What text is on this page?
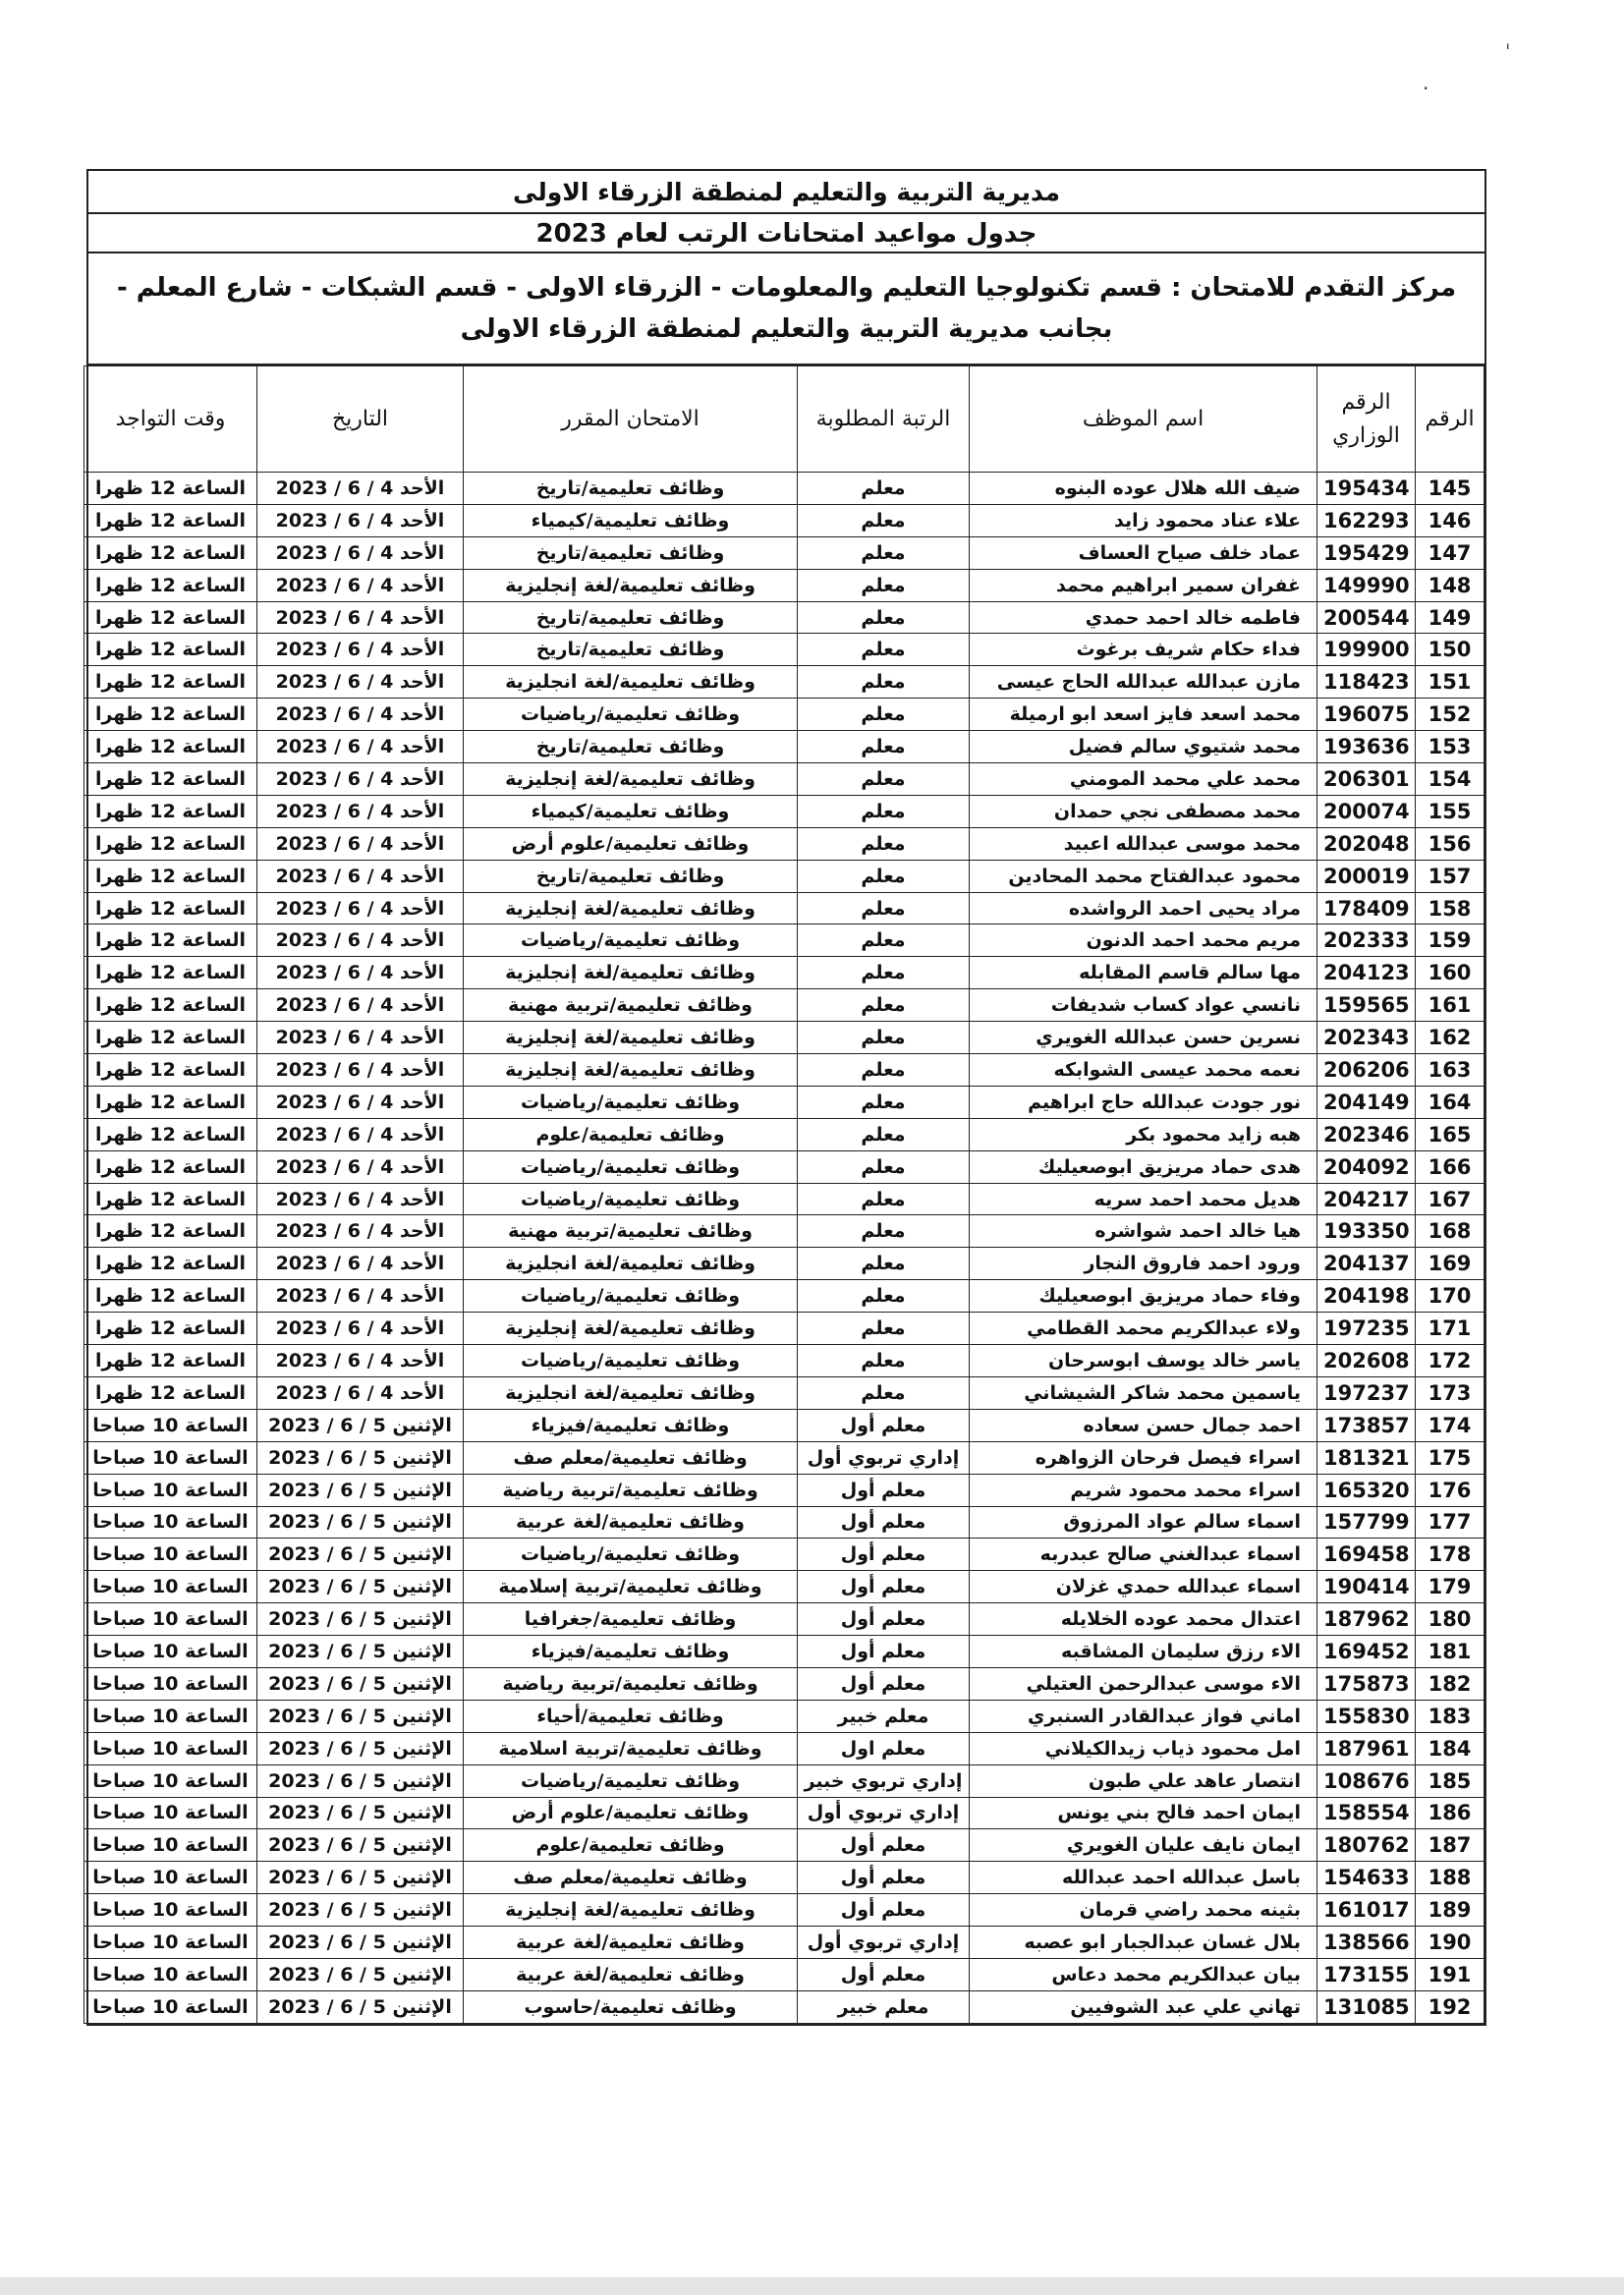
ˌ
·
مديرية التربية والتعليم لمنطقة الزرقاء الاولى
جدول مواعيد امتحانات الرتب لعام 2023
مركز التقدم للامتحان : قسم تكنولوجيا التعليم والمعلومات - الزرقاء الاولى - قسم الشبكات - شارع المعلم - بجانب مديرية التربية والتعليم لمنطقة الزرقاء الاولى
الرقم	الرقم الوزاري	اسم الموظف	الرتبة المطلوبة	الامتحان المقرر	التاريخ	وقت التواجد
145	195434	ضيف الله هلال عوده البنوه	معلم	وظائف تعليمية/تاريخ	الأحد 4 / 6 / 2023	الساعة 12 ظهرا
146	162293	علاء عناد محمود زايد	معلم	وظائف تعليمية/كيمياء	الأحد 4 / 6 / 2023	الساعة 12 ظهرا
147	195429	عماد خلف صياح العساف	معلم	وظائف تعليمية/تاريخ	الأحد 4 / 6 / 2023	الساعة 12 ظهرا
148	149990	غفران سمير ابراهيم محمد	معلم	وظائف تعليمية/لغة إنجليزية	الأحد 4 / 6 / 2023	الساعة 12 ظهرا
149	200544	فاطمه خالد احمد حمدي	معلم	وظائف تعليمية/تاريخ	الأحد 4 / 6 / 2023	الساعة 12 ظهرا
150	199900	فداء حكام شريف برغوث	معلم	وظائف تعليمية/تاريخ	الأحد 4 / 6 / 2023	الساعة 12 ظهرا
151	118423	مازن عبدالله عبدالله الحاج عيسى	معلم	وظائف تعليمية/لغة انجليزية	الأحد 4 / 6 / 2023	الساعة 12 ظهرا
152	196075	محمد اسعد فايز اسعد ابو ارميلة	معلم	وظائف تعليمية/رياضيات	الأحد 4 / 6 / 2023	الساعة 12 ظهرا
153	193636	محمد شتيوي سالم فضيل	معلم	وظائف تعليمية/تاريخ	الأحد 4 / 6 / 2023	الساعة 12 ظهرا
154	206301	محمد علي محمد المومني	معلم	وظائف تعليمية/لغة إنجليزية	الأحد 4 / 6 / 2023	الساعة 12 ظهرا
155	200074	محمد مصطفى نجي حمدان	معلم	وظائف تعليمية/كيمياء	الأحد 4 / 6 / 2023	الساعة 12 ظهرا
156	202048	محمد موسى عبدالله اعبيد	معلم	وظائف تعليمية/علوم أرض	الأحد 4 / 6 / 2023	الساعة 12 ظهرا
157	200019	محمود عبدالفتاح محمد المحادين	معلم	وظائف تعليمية/تاريخ	الأحد 4 / 6 / 2023	الساعة 12 ظهرا
158	178409	مراد يحيى احمد الرواشده	معلم	وظائف تعليمية/لغة إنجليزية	الأحد 4 / 6 / 2023	الساعة 12 ظهرا
159	202333	مريم محمد احمد الدنون	معلم	وظائف تعليمية/رياضيات	الأحد 4 / 6 / 2023	الساعة 12 ظهرا
160	204123	مها سالم قاسم المقابله	معلم	وظائف تعليمية/لغة إنجليزية	الأحد 4 / 6 / 2023	الساعة 12 ظهرا
161	159565	نانسي عواد كساب شديفات	معلم	وظائف تعليمية/تربية مهنية	الأحد 4 / 6 / 2023	الساعة 12 ظهرا
162	202343	نسرين حسن عبدالله الغويري	معلم	وظائف تعليمية/لغة إنجليزية	الأحد 4 / 6 / 2023	الساعة 12 ظهرا
163	206206	نعمه محمد عيسى الشوابكه	معلم	وظائف تعليمية/لغة إنجليزية	الأحد 4 / 6 / 2023	الساعة 12 ظهرا
164	204149	نور جودت عبدالله حاج ابراهيم	معلم	وظائف تعليمية/رياضيات	الأحد 4 / 6 / 2023	الساعة 12 ظهرا
165	202346	هبه زايد محمود بكر	معلم	وظائف تعليمية/علوم	الأحد 4 / 6 / 2023	الساعة 12 ظهرا
166	204092	هدى حماد مريزيق ابوصعيليك	معلم	وظائف تعليمية/رياضيات	الأحد 4 / 6 / 2023	الساعة 12 ظهرا
167	204217	هديل محمد احمد سريه	معلم	وظائف تعليمية/رياضيات	الأحد 4 / 6 / 2023	الساعة 12 ظهرا
168	193350	هيا خالد احمد شواشره	معلم	وظائف تعليمية/تربية مهنية	الأحد 4 / 6 / 2023	الساعة 12 ظهرا
169	204137	ورود احمد فاروق النجار	معلم	وظائف تعليمية/لغة انجليزية	الأحد 4 / 6 / 2023	الساعة 12 ظهرا
170	204198	وفاء حماد مريزيق ابوصعيليك	معلم	وظائف تعليمية/رياضيات	الأحد 4 / 6 / 2023	الساعة 12 ظهرا
171	197235	ولاء عبدالكريم محمد القطامي	معلم	وظائف تعليمية/لغة إنجليزية	الأحد 4 / 6 / 2023	الساعة 12 ظهرا
172	202608	ياسر خالد يوسف ابوسرحان	معلم	وظائف تعليمية/رياضيات	الأحد 4 / 6 / 2023	الساعة 12 ظهرا
173	197237	ياسمين محمد شاكر الشيشاني	معلم	وظائف تعليمية/لغة انجليزية	الأحد 4 / 6 / 2023	الساعة 12 ظهرا
174	173857	احمد جمال حسن سعاده	معلم أول	وظائف تعليمية/فيزياء	الإثنين 5 / 6 / 2023	الساعة 10 صباحا
175	181321	اسراء فيصل فرحان الزواهره	إداري تربوي أول	وظائف تعليمية/معلم صف	الإثنين 5 / 6 / 2023	الساعة 10 صباحا
176	165320	اسراء محمد محمود شريم	معلم أول	وظائف تعليمية/تربية رياضية	الإثنين 5 / 6 / 2023	الساعة 10 صباحا
177	157799	اسماء سالم عواد المرزوق	معلم أول	وظائف تعليمية/لغة عربية	الإثنين 5 / 6 / 2023	الساعة 10 صباحا
178	169458	اسماء عبدالغني صالح عبدربه	معلم أول	وظائف تعليمية/رياضيات	الإثنين 5 / 6 / 2023	الساعة 10 صباحا
179	190414	اسماء عبدالله حمدي غزلان	معلم أول	وظائف تعليمية/تربية إسلامية	الإثنين 5 / 6 / 2023	الساعة 10 صباحا
180	187962	اعتدال محمد عوده الخلايله	معلم أول	وظائف تعليمية/جغرافيا	الإثنين 5 / 6 / 2023	الساعة 10 صباحا
181	169452	الاء رزق سليمان المشاقبه	معلم أول	وظائف تعليمية/فيزياء	الإثنين 5 / 6 / 2023	الساعة 10 صباحا
182	175873	الاء موسى عبدالرحمن العتيلي	معلم أول	وظائف تعليمية/تربية رياضية	الإثنين 5 / 6 / 2023	الساعة 10 صباحا
183	155830	اماني فواز عبدالقادر السنبري	معلم خبير	وظائف تعليمية/أحياء	الإثنين 5 / 6 / 2023	الساعة 10 صباحا
184	187961	امل محمود ذياب زيدالكيلاني	معلم اول	وظائف تعليمية/تربية اسلامية	الإثنين 5 / 6 / 2023	الساعة 10 صباحا
185	108676	انتصار عاهد علي طبون	إداري تربوي خبير	وظائف تعليمية/رياضيات	الإثنين 5 / 6 / 2023	الساعة 10 صباحا
186	158554	ايمان احمد فالح بني يونس	إداري تربوي أول	وظائف تعليمية/علوم أرض	الإثنين 5 / 6 / 2023	الساعة 10 صباحا
187	180762	ايمان نايف عليان الغويري	معلم أول	وظائف تعليمية/علوم	الإثنين 5 / 6 / 2023	الساعة 10 صباحا
188	154633	باسل عبدالله احمد عبدالله	معلم أول	وظائف تعليمية/معلم صف	الإثنين 5 / 6 / 2023	الساعة 10 صباحا
189	161017	بثينه محمد راضي قرمان	معلم أول	وظائف تعليمية/لغة إنجليزية	الإثنين 5 / 6 / 2023	الساعة 10 صباحا
190	138566	بلال غسان عبدالجبار ابو عصبه	إداري تربوي أول	وظائف تعليمية/لغة عربية	الإثنين 5 / 6 / 2023	الساعة 10 صباحا
191	173155	بيان عبدالكريم محمد دعاس	معلم أول	وظائف تعليمية/لغة عربية	الإثنين 5 / 6 / 2023	الساعة 10 صباحا
192	131085	تهاني علي عبد الشوفيين	معلم خبير	وظائف تعليمية/حاسوب	الإثنين 5 / 6 / 2023	الساعة 10 صباحا
